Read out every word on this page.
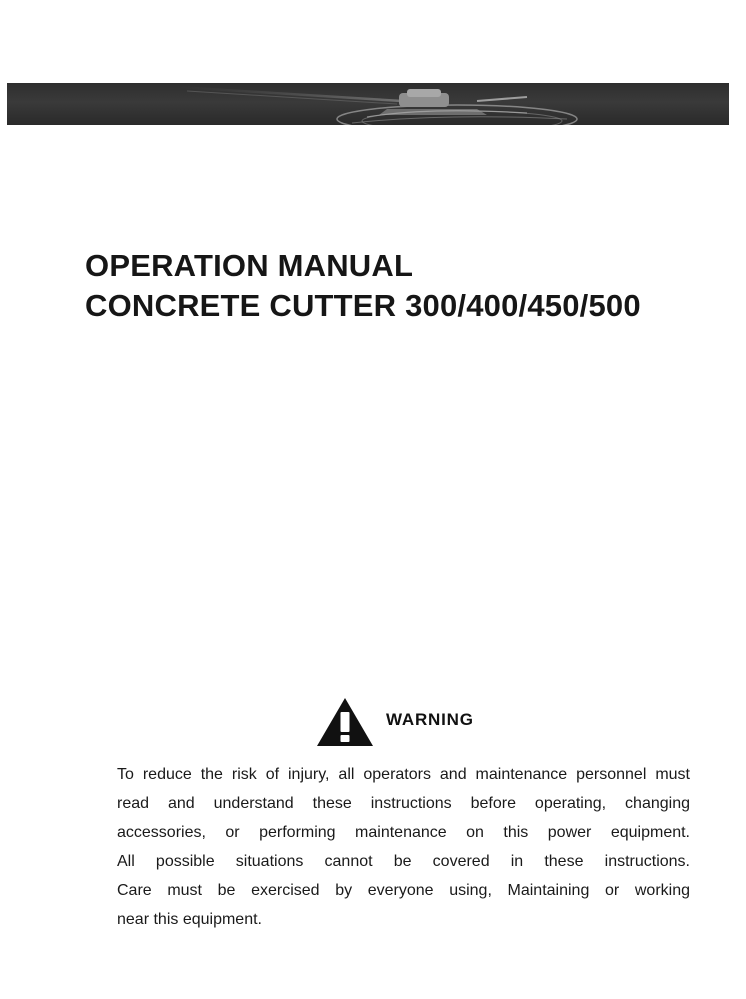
OPERATION MANUAL
CONCRETE CUTTER 300/400/450/500
WARNING
To reduce the risk of injury, all operators and maintenance personnel must
read and understand these instructions before operating, changing
accessories, or performing maintenance on this power equipment.
All possible situations cannot be covered in these instructions.
Care must be exercised by everyone using, Maintaining or working
near this equipment.
